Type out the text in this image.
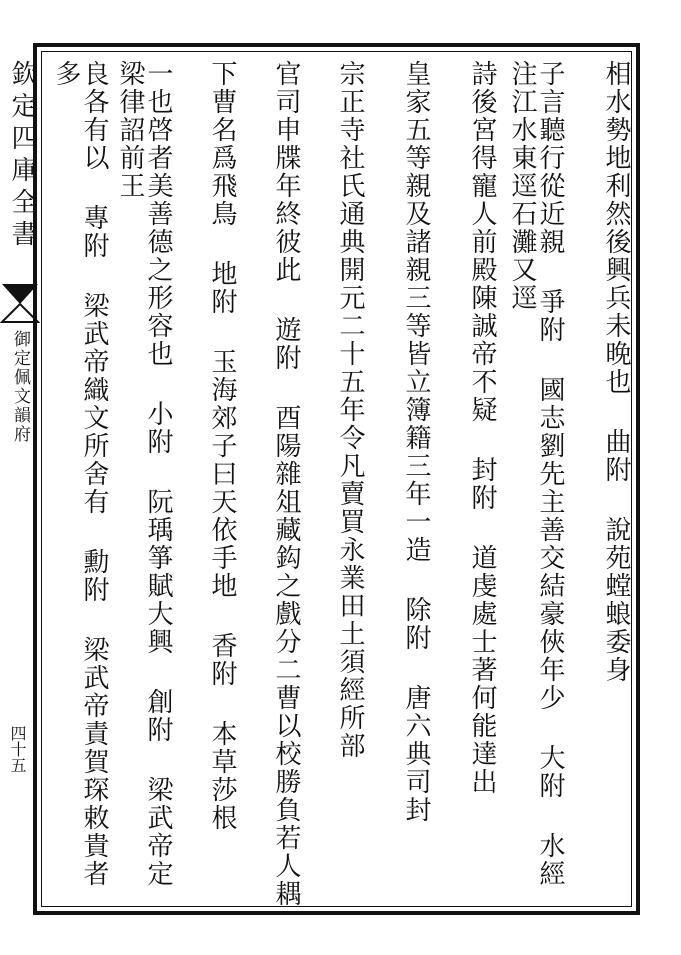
欽定四庫全書
御定佩文韻府
四十五
相水勢地利然後興兵未晚也 曲附 說苑螳蜋委身
子言聽行從近親 爭附 國志劉先主善交結豪俠年少 大附 水經注江水東逕石灘又逕
詩後宮得寵人前殿陳誠帝不疑 封附 道虔處士著何能達出
皇家五等親及諸親三等皆立簿籍三年一造 除附 唐六典司封
宗正寺社氏通典開元二十五年令凡賣買永業田土須經所部
官司申牒年終彼此 遊附 酉陽雜俎藏鈎之戲分二曹以校勝負若人耦
下曹名爲飛鳥 地附 玉海郊子曰天依手地 香附 本草莎根
一也啓者美善德之形容也 小附 阮瑀箏賦大興 創附 梁武帝定梁律詔前王
良各有以 專附 梁武帝織文所舍有 勳附 梁武帝責賀琛敕貴者多
